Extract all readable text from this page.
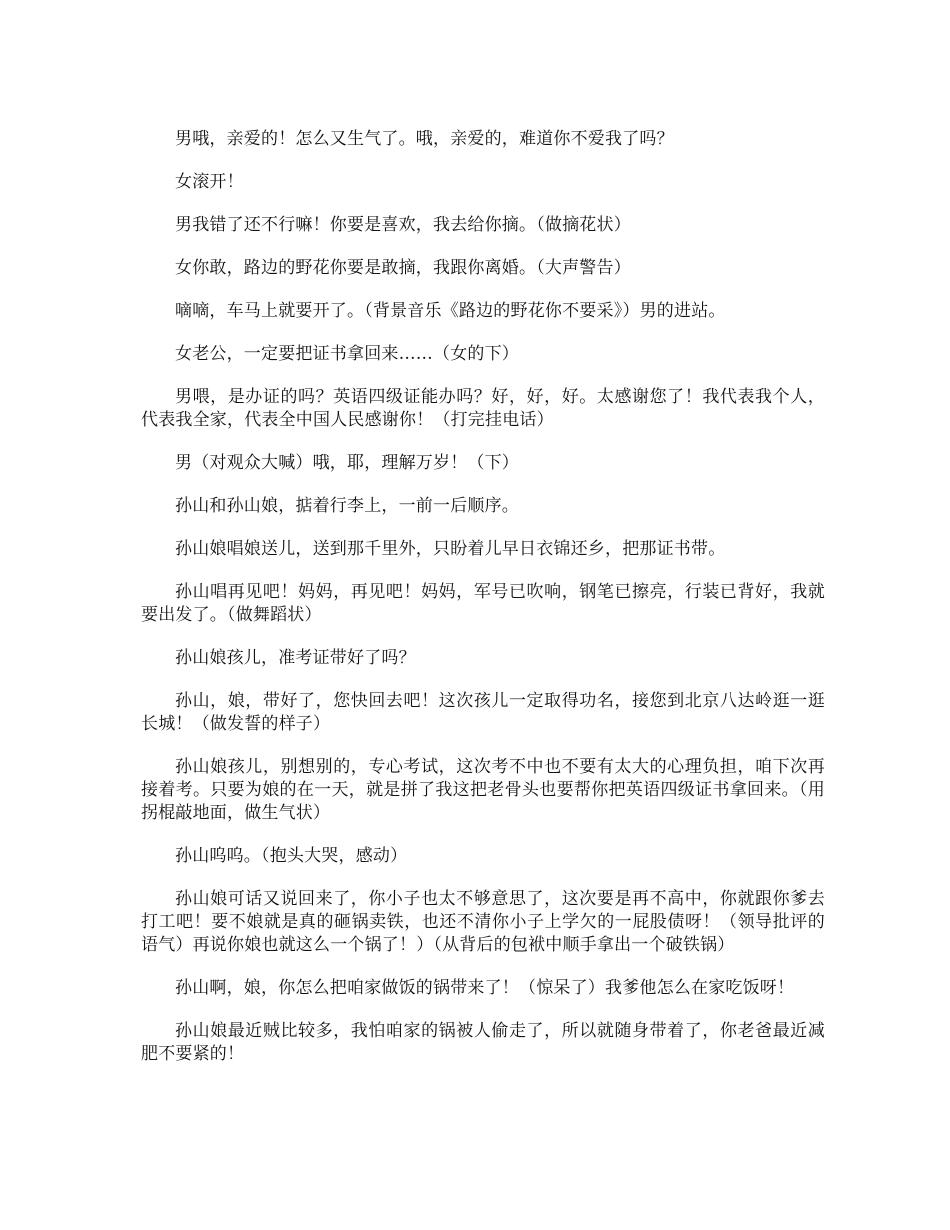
男哦，亲爱的！怎么又生气了。哦，亲爱的，难道你不爱我了吗？

女滚开！

男我错了还不行嘛！你要是喜欢，我去给你摘。（做摘花状）

女你敢，路边的野花你要是敢摘，我跟你离婚。（大声警告）

嘀嘀，车马上就要开了。（背景音乐《路边的野花你不要采》）男的进站。

女老公，一定要把证书拿回来……（女的下）

男喂，是办证的吗？英语四级证能办吗？好，好，好。太感谢您了！我代表我个人，代表我全家，代表全中国人民感谢你！（打完挂电话）

男（对观众大喊）哦，耶，理解万岁！（下）

孙山和孙山娘，掂着行李上，一前一后顺序。

孙山娘唱娘送儿，送到那千里外，只盼着儿早日衣锦还乡，把那证书带。

孙山唱再见吧！妈妈，再见吧！妈妈，军号已吹响，钢笔已擦亮，行装已背好，我就要出发了。（做舞蹈状）

孙山娘孩儿，准考证带好了吗？

孙山，娘，带好了，您快回去吧！这次孩儿一定取得功名，接您到北京八达岭逛一逛长城！（做发誓的样子）

孙山娘孩儿，别想别的，专心考试，这次考不中也不要有太大的心理负担，咱下次再接着考。只要为娘的在一天，就是拼了我这把老骨头也要帮你把英语四级证书拿回来。（用拐棍敲地面，做生气状）

孙山呜呜。（抱头大哭，感动）

孙山娘可话又说回来了，你小子也太不够意思了，这次要是再不高中，你就跟你爹去打工吧！要不娘就是真的砸锅卖铁，也还不清你小子上学欠的一屁股债呀！（领导批评的语气）再说你娘也就这么一个锅了！）（从背后的包袱中顺手拿出一个破铁锅）

孙山啊，娘，你怎么把咱家做饭的锅带来了！（惊呆了）我爹他怎么在家吃饭呀！

孙山娘最近贼比较多，我怕咱家的锅被人偷走了，所以就随身带着了，你老爸最近减肥不要紧的！
